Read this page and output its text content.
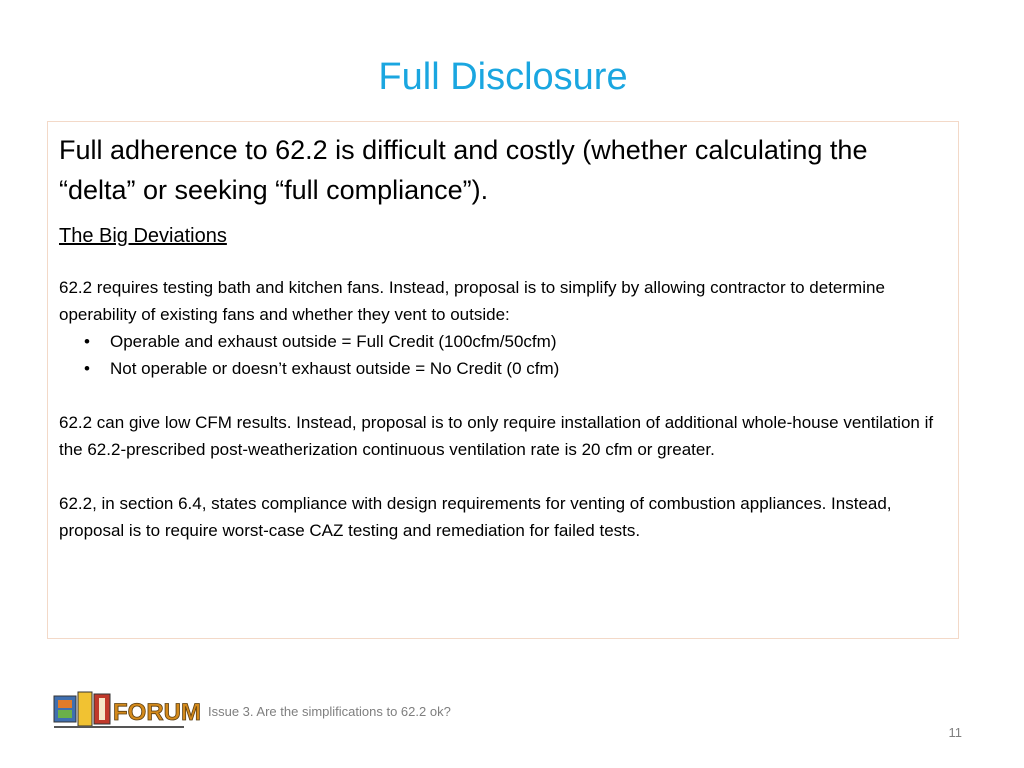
Full Disclosure

Full adherence to 62.2 is difficult and costly (whether calculating the “delta” or seeking “full compliance”).

The Big Deviations

62.2 requires testing bath and kitchen fans. Instead, proposal is to simplify by allowing contractor to determine operability of existing fans and whether they vent to outside:

• Operable and exhaust outside = Full Credit (100cfm/50cfm)
• Not operable or doesn’t exhaust outside = No Credit (0 cfm)

62.2 can give low CFM results. Instead, proposal is to only require installation of additional whole-house ventilation if the 62.2-prescribed post-weatherization continuous ventilation rate is 20 cfm or greater.

62.2, in section 6.4, states compliance with design requirements for venting of combustion appliances. Instead, proposal is to require worst-case CAZ testing and remediation for failed tests.

FORUM Issue 3. Are the simplifications to 62.2 ok?
11
